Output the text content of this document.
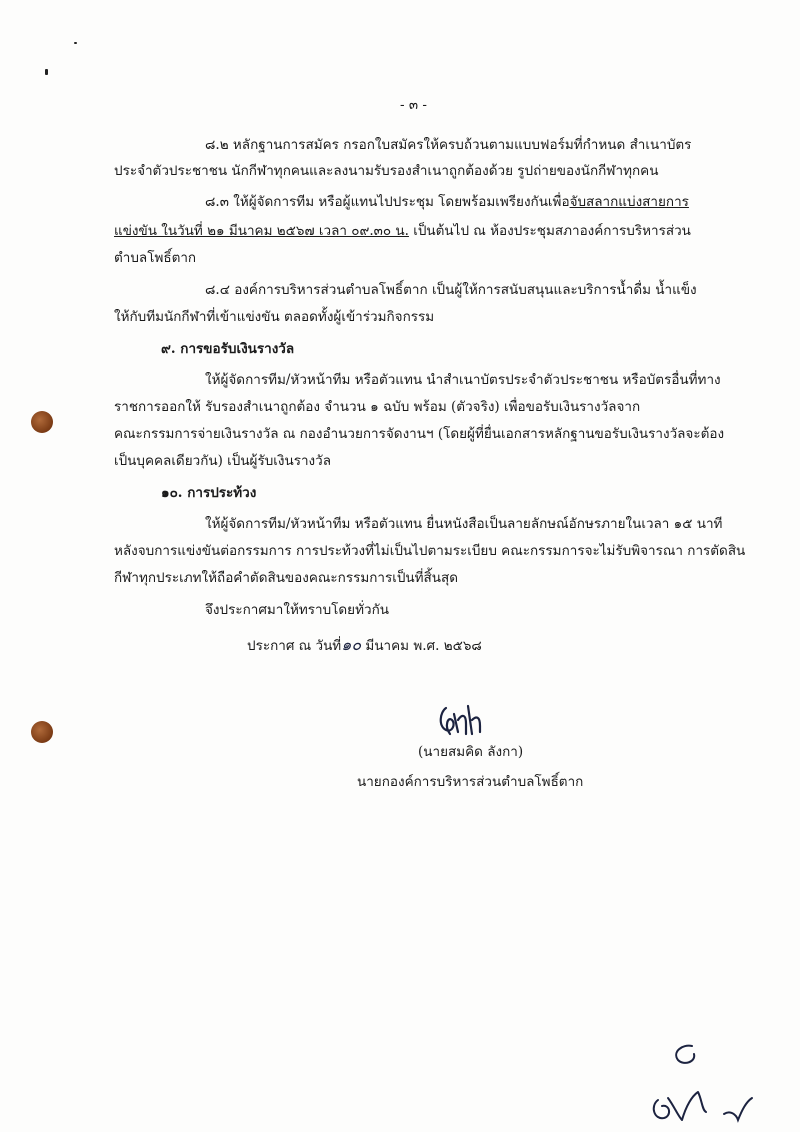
- ๓ -
๘.๒ หลักฐานการสมัคร กรอกใบสมัครให้ครบถ้วนตามแบบฟอร์มที่กำหนด สำเนาบัตร
ประจำตัวประชาชน นักกีฬาทุกคนและลงนามรับรองสำเนาถูกต้องด้วย รูปถ่ายของนักกีฬาทุกคน
๘.๓ ให้ผู้จัดการทีม หรือผู้แทนไปประชุม โดยพร้อมเพรียงกันเพื่อจับสลากแบ่งสายการ
แข่งขัน ในวันที่ ๒๑ มีนาคม ๒๕๖๗ เวลา ๐๙.๓๐ น. เป็นต้นไป ณ ห้องประชุมสภาองค์การบริหารส่วน
ตำบลโพธิ์ตาก
๘.๔ องค์การบริหารส่วนตำบลโพธิ์ตาก เป็นผู้ให้การสนับสนุนและบริการน้ำดื่ม น้ำแข็ง
ให้กับทีมนักกีฬาที่เข้าแข่งขัน ตลอดทั้งผู้เข้าร่วมกิจกรรม
๙. การขอรับเงินรางวัล
ให้ผู้จัดการทีม/หัวหน้าทีม หรือตัวแทน นำสำเนาบัตรประจำตัวประชาชน หรือบัตรอื่นที่ทาง
ราชการออกให้ รับรองสำเนาถูกต้อง จำนวน ๑ ฉบับ พร้อม (ตัวจริง) เพื่อขอรับเงินรางวัลจาก
คณะกรรมการจ่ายเงินรางวัล ณ กองอำนวยการจัดงานฯ (โดยผู้ที่ยื่นเอกสารหลักฐานขอรับเงินรางวัลจะต้อง
เป็นบุคคลเดียวกัน) เป็นผู้รับเงินรางวัล
๑๐. การประท้วง
ให้ผู้จัดการทีม/หัวหน้าทีม หรือตัวแทน ยื่นหนังสือเป็นลายลักษณ์อักษรภายในเวลา ๑๕ นาที
หลังจบการแข่งขันต่อกรรมการ การประท้วงที่ไม่เป็นไปตามระเบียบ คณะกรรมการจะไม่รับพิจารณา การตัดสิน
กีฬาทุกประเภทให้ถือคำตัดสินของคณะกรรมการเป็นที่สิ้นสุด
จึงประกาศมาให้ทราบโดยทั่วกัน
ประกาศ ณ วันที่๑๐ มีนาคม พ.ศ. ๒๕๖๘
(นายสมคิด ลังกา)
นายกองค์การบริหารส่วนตำบลโพธิ์ตาก
